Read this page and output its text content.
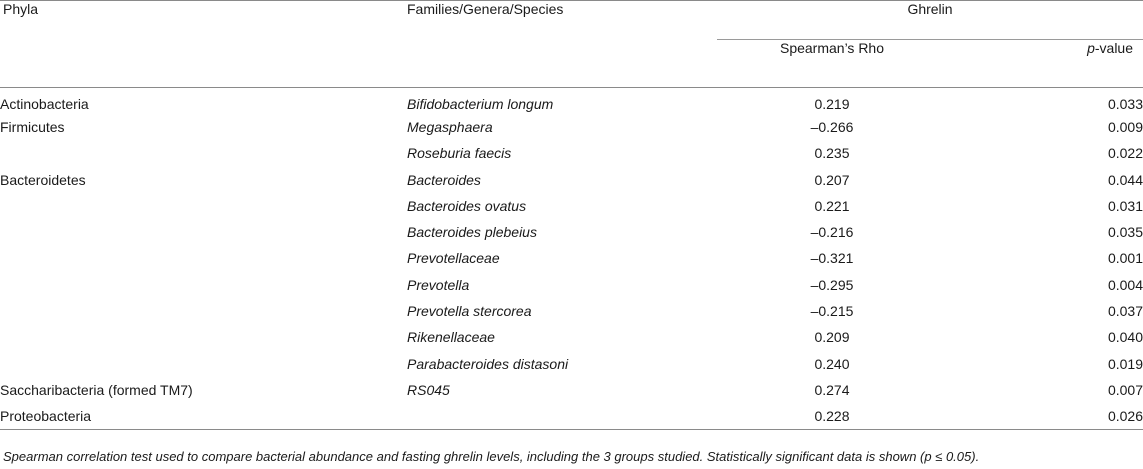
Phyla	Families/Genera/Species	Ghrelin	
		Spearman’s Rho	p-value
Actinobacteria	Bifidobacterium longum	0.219	0.033
Firmicutes	Megasphaera	–0.266	0.009
	Roseburia faecis	0.235	0.022
Bacteroidetes	Bacteroides	0.207	0.044
	Bacteroides ovatus	0.221	0.031
	Bacteroides plebeius	–0.216	0.035
	Prevotellaceae	–0.321	0.001
	Prevotella	–0.295	0.004
	Prevotella stercorea	–0.215	0.037
	Rikenellaceae	0.209	0.040
	Parabacteroides distasoni	0.240	0.019
Saccharibacteria (formed TM7)	RS045	0.274	0.007
Proteobacteria		0.228	0.026
Spearman correlation test used to compare bacterial abundance and fasting ghrelin levels, including the 3 groups studied. Statistically significant data is shown (p ≤ 0.05).
